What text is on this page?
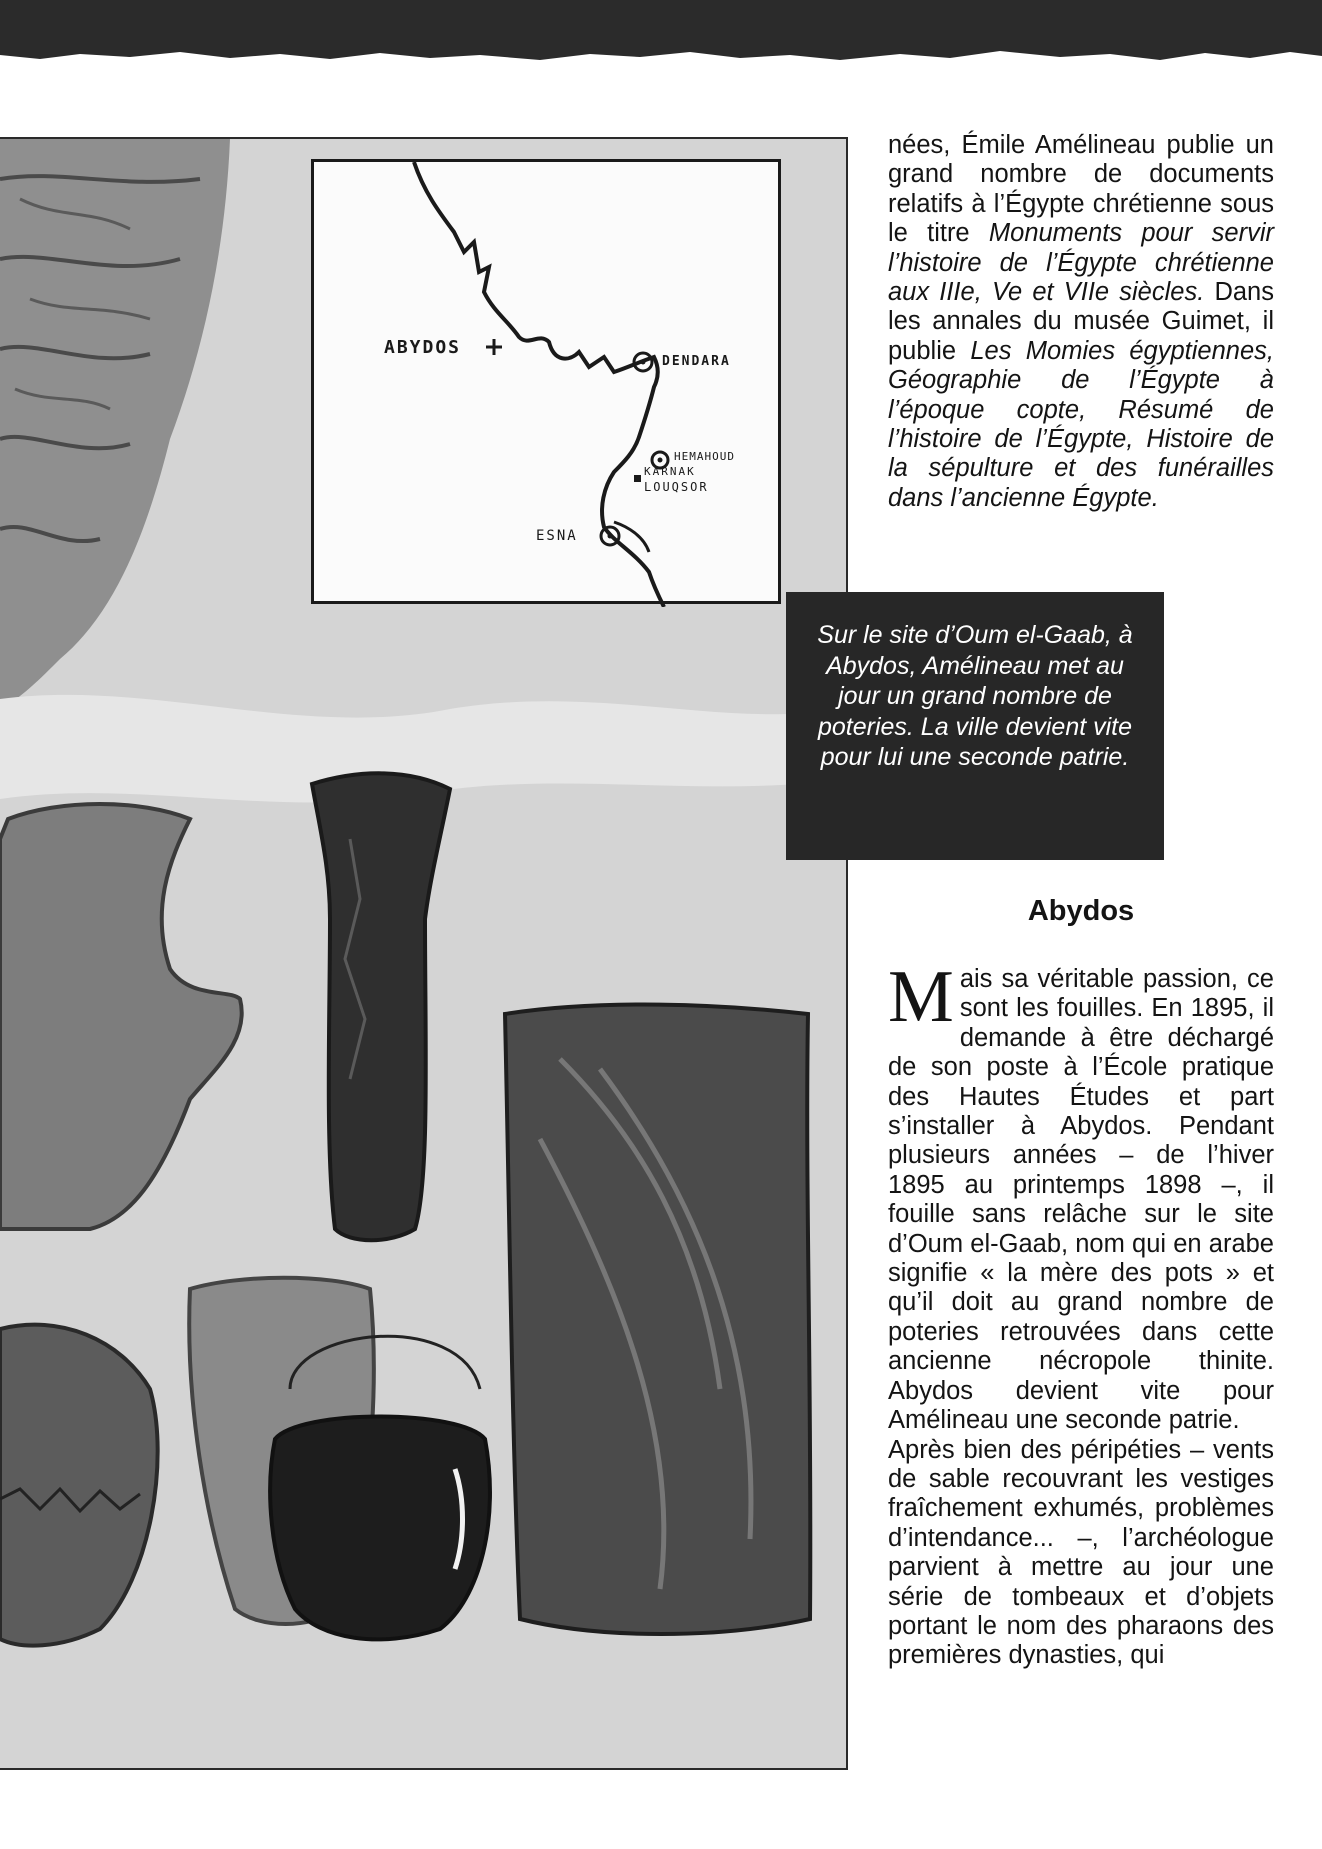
ABYDOS
DENDARA
HEMAHOUD
KARNAK
LOUQSOR
ESNA

nées, Émile Amélineau publie un grand nombre de documents relatifs à l’Égypte chrétienne sous le titre Monuments pour servir l’histoire de l’Égypte chrétienne aux IIIe, Ve et VIIe siècles. Dans les annales du musée Guimet, il publie Les Momies égyptiennes, Géographie de l’Égypte à l’époque copte, Résumé de l’histoire de l’Égypte, Histoire de la sépulture et des funérailles dans l’ancienne Égypte.

Sur le site d’Oum el-Gaab, à Abydos, Amélineau met au jour un grand nombre de poteries. La ville devient vite pour lui une seconde patrie.
Abydos

Mais sa véritable passion, ce sont les fouilles. En 1895, il demande à être déchargé de son poste à l’École pratique des Hautes Études et part s’installer à Abydos. Pendant plusieurs années – de l’hiver 1895 au printemps 1898 –, il fouille sans relâche sur le site d’Oum el-Gaab, nom qui en arabe signifie « la mère des pots » et qu’il doit au grand nombre de poteries retrouvées dans cette ancienne nécropole thinite. Abydos devient vite pour Amélineau une seconde patrie.

Après bien des péripéties – vents de sable recouvrant les vestiges fraîchement exhumés, problèmes d’intendance... –, l’archéologue parvient à mettre au jour une série de tombeaux et d’objets portant le nom des pharaons des premières dynasties, qui
